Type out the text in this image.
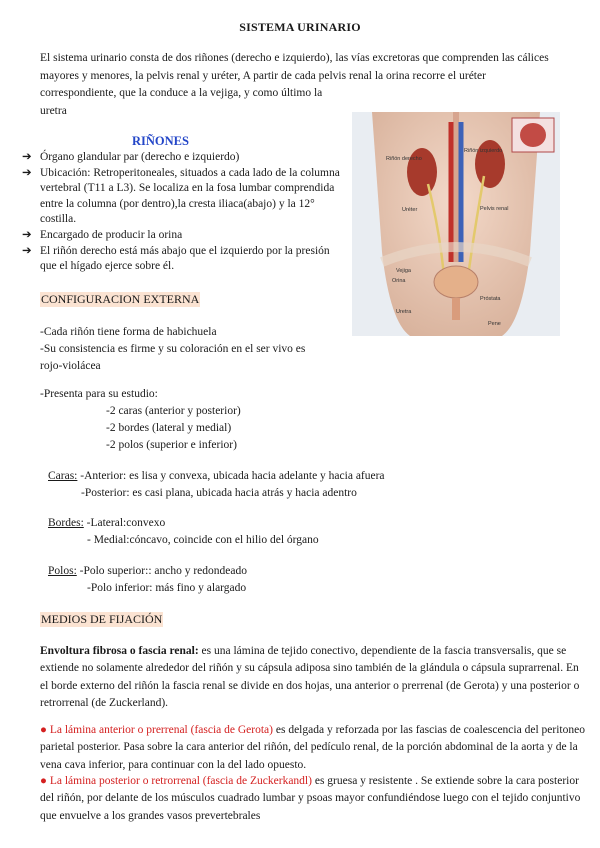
SISTEMA URINARIO
El sistema urinario consta de dos riñones (derecho e izquierdo), las vías excretoras que comprenden las cálices mayores y menores, la pelvis renal y uréter, A partir de cada pelvis renal la orina recorre el uréter
correspondiente, que la conduce a la vejiga, y como último la
uretra
Riñón derecho
Riñón izquierdo
Uréter	Pelvis renal
Vejiga
Orina
Uretra
Próstata
Pene
RIÑONES
➔ Órgano glandular par (derecho e izquierdo)
➔ Ubicación: Retroperitoneales, situados a cada lado de la columna vertebral (T11 a L3). Se localiza en la fosa lumbar comprendida entre la columna (por dentro),la cresta iliaca(abajo) y la 12° costilla.
➔ Encargado de producir la orina
➔ El riñón derecho está más abajo que el izquierdo por la presión que el hígado ejerce sobre él.
CONFIGURACION EXTERNA
-Cada riñón tiene forma de habichuela
-Su consistencia es firme y su coloración en el ser vivo es
rojo-violácea
-Presenta para su estudio:
-2 caras (anterior y posterior)
-2 bordes (lateral y medial)
-2 polos (superior e inferior)
Caras: -Anterior: es lisa y convexa, ubicada hacia adelante y hacia afuera
-Posterior: es casi plana, ubicada hacia atrás y hacia adentro
Bordes: -Lateral:convexo
- Medial:cóncavo, coincide con el hilio del órgano
Polos: -Polo superior:: ancho y redondeado
-Polo inferior: más fino y alargado
MEDIOS DE FIJACIÓN
Envoltura fibrosa o fascia renal: es una lámina de tejido conectivo, dependiente de la fascia transversalis, que se extiende no solamente alrededor del riñón y su cápsula adiposa sino también de la glándula o cápsula suprarrenal. En el borde externo del riñón la fascia renal se divide en dos hojas, una anterior o prerrenal (de Gerota) y una posterior o retrorrenal (de Zuckerland).
● La lámina anterior o prerrenal (fascia de Gerota) es delgada y reforzada por las fascias de coalescencia del peritoneo parietal posterior. Pasa sobre la cara anterior del riñón, del pedículo renal, de la porción abdominal de la aorta y de la vena cava inferior, para continuar con la del lado opuesto.
● La lámina posterior o retrorrenal (fascia de Zuckerkandl) es gruesa y resistente . Se extiende sobre la cara posterior del riñón, por delante de los músculos cuadrado lumbar y psoas mayor confundiéndose luego con el tejido conjuntivo que envuelve a los grandes vasos prevertebrales
